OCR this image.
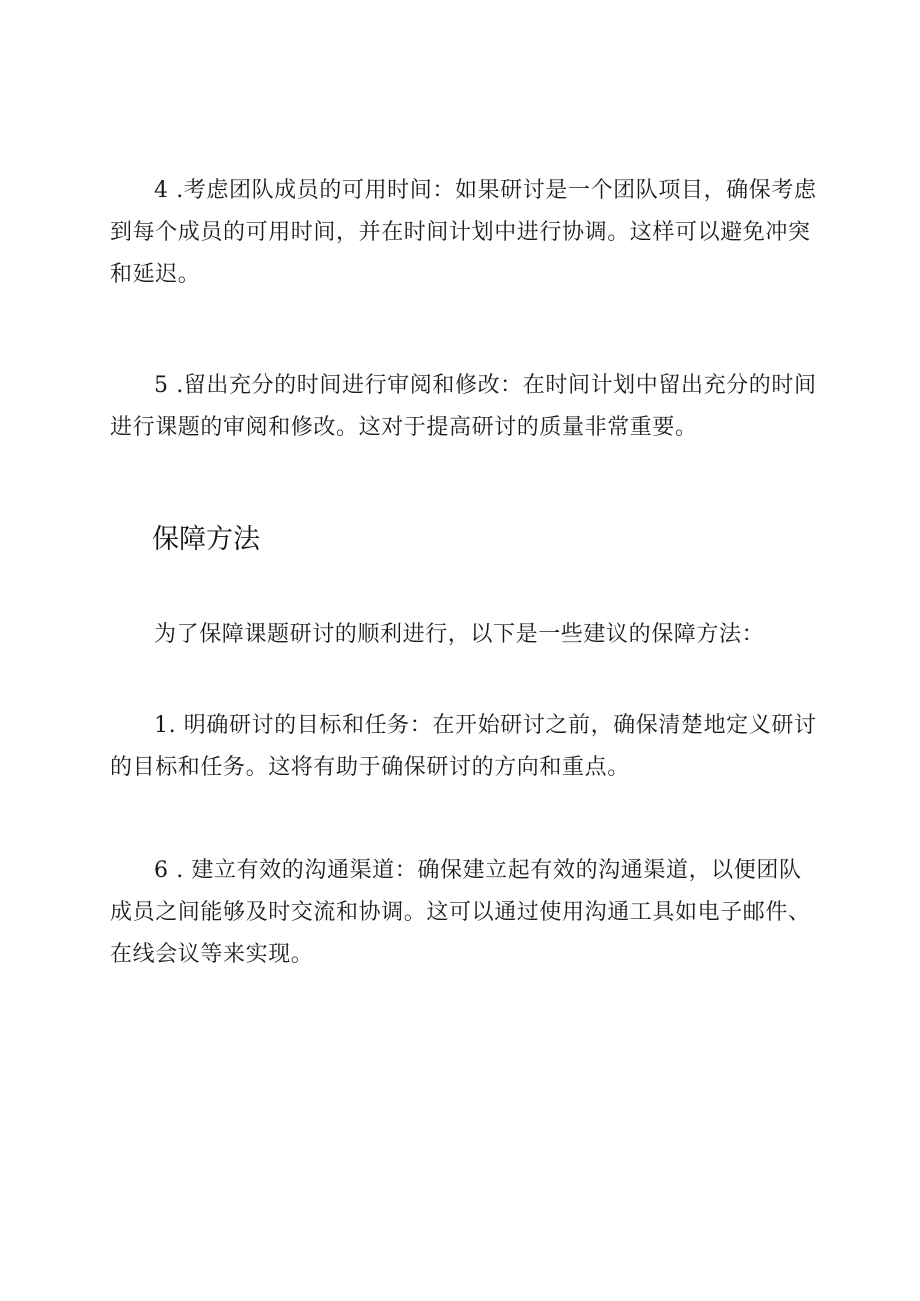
4 .考虑团队成员的可用时间：如果研讨是一个团队项目，确保考虑到每个成员的可用时间，并在时间计划中进行协调。这样可以避免冲突和延迟。

5 .留出充分的时间进行审阅和修改：在时间计划中留出充分的时间进行课题的审阅和修改。这对于提高研讨的质量非常重要。

保障方法

为了保障课题研讨的顺利进行，以下是一些建议的保障方法：

1. 明确研讨的目标和任务：在开始研讨之前，确保清楚地定义研讨的目标和任务。这将有助于确保研讨的方向和重点。

6 . 建立有效的沟通渠道：确保建立起有效的沟通渠道，以便团队成员之间能够及时交流和协调。这可以通过使用沟通工具如电子邮件、在线会议等来实现。
